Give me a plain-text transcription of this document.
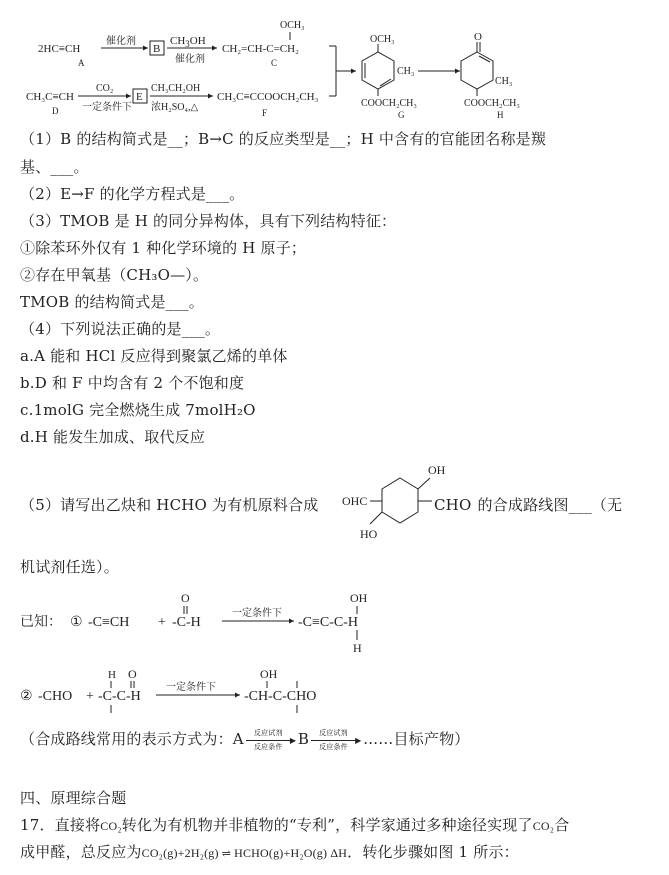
2HC≡CH
A
催化剂
B
$CH_3OH$
催化剂
CH₂=CH-C=CH₂
OCH₃
C
CH₃C≡CH
D
CO₂
一定条件下
E
CH₃CH₂OH
浓H₂SO₄,△
CH₃C≡CCOOCH₂CH₃
F
OCH₃
CH₃
COOCH₂CH₃
G
O
CH₃
COOCH₂CH₃
H
（1）B 的结构简式是__；B→C 的反应类型是__；H 中含有的官能团名称是羰
基、___。
（2）E→F 的化学方程式是___。
（3）TMOB 是 H 的同分异构体，具有下列结构特征：
①除苯环外仅有 1 种化学环境的 H 原子；
②存在甲氧基（CH₃O—）。
TMOB 的结构简式是___。
（4）下列说法正确的是___。
a.A 能和 HCl 反应得到聚氯乙烯的单体
b.D 和 F 中均含有 2 个不饱和度
c.1molG 完全燃烧生成 7molH₂O
d.H 能发生加成、取代反应
（5）请写出乙炔和 HCHO 为有机原料合成
OH
HO
OHC	CHO 的合成路线图___（无
机试剂任选）。
已知： ① -C≡CH +
O
-C-H
一定条件下
-C≡C-C-H
OH
H
② -CHO +
H O
-C-C-H
一定条件下
OH
-CH-C-CHO
（合成路线常用的表示方式为：A 反应试剂
▶
反应条件 B 反应试剂
▶
反应条件 ……目标产物）
四、原理综合题
17．直接将CO₂转化为有机物并非植物的“专利”，科学家通过多种途径实现了CO₂合
成甲醛，总反应为CO₂(g)+2H₂(g) ⇌ HCHO(g)+H₂O(g) ΔH．转化步骤如图 1 所示：
